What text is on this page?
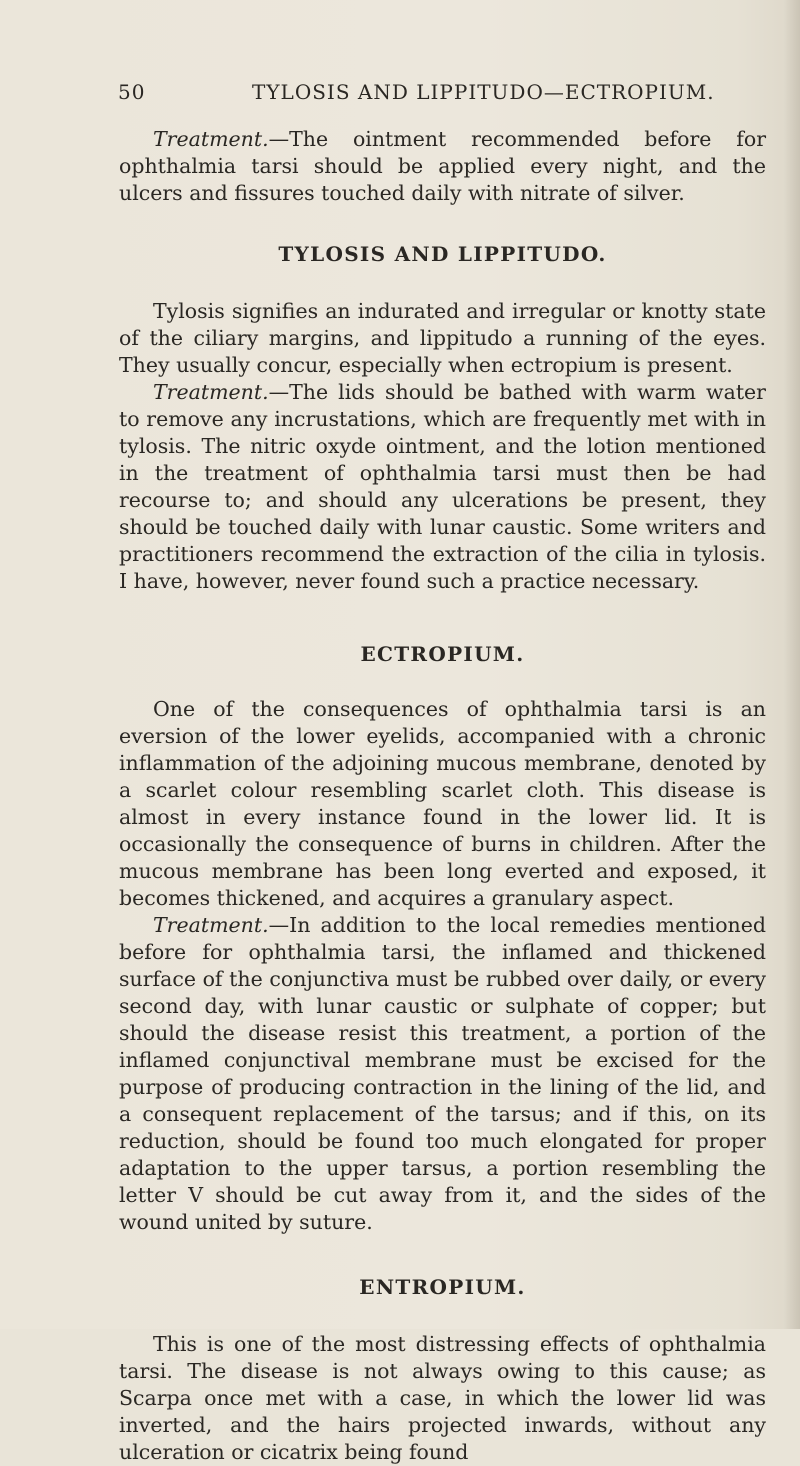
50	TYLOSIS AND LIPPITUDO—ECTROPIUM.

Treatment.—The ointment recommended before for ophthalmia tarsi should be applied every night, and the ulcers and fissures touched daily with nitrate of silver.

TYLOSIS AND LIPPITUDO.

Tylosis signifies an indurated and irregular or knotty state of the ciliary margins, and lippitudo a running of the eyes. They usually concur, especially when ectropium is present.

Treatment.—The lids should be bathed with warm water to remove any incrustations, which are frequently met with in tylosis. The nitric oxyde ointment, and the lotion mentioned in the treatment of ophthalmia tarsi must then be had recourse to; and should any ulcerations be present, they should be touched daily with lunar caustic. Some writers and practitioners recommend the extraction of the cilia in tylosis. I have, however, never found such a practice necessary.

ECTROPIUM.

One of the consequences of ophthalmia tarsi is an eversion of the lower eyelids, accompanied with a chronic inflammation of the adjoining mucous membrane, denoted by a scarlet colour resembling scarlet cloth. This disease is almost in every instance found in the lower lid. It is occasionally the consequence of burns in children. After the mucous membrane has been long everted and exposed, it becomes thickened, and acquires a granulary aspect.

Treatment.—In addition to the local remedies mentioned before for ophthalmia tarsi, the inflamed and thickened surface of the conjunctiva must be rubbed over daily, or every second day, with lunar caustic or sulphate of copper; but should the disease resist this treatment, a portion of the inflamed conjunctival membrane must be excised for the purpose of producing contraction in the lining of the lid, and a consequent replacement of the tarsus; and if this, on its reduction, should be found too much elongated for proper adaptation to the upper tarsus, a portion resembling the letter V should be cut away from it, and the sides of the wound united by suture.

ENTROPIUM.

This is one of the most distressing effects of ophthalmia tarsi. The disease is not always owing to this cause; as Scarpa once met with a case, in which the lower lid was inverted, and the hairs projected inwards, without any ulceration or cicatrix being found
